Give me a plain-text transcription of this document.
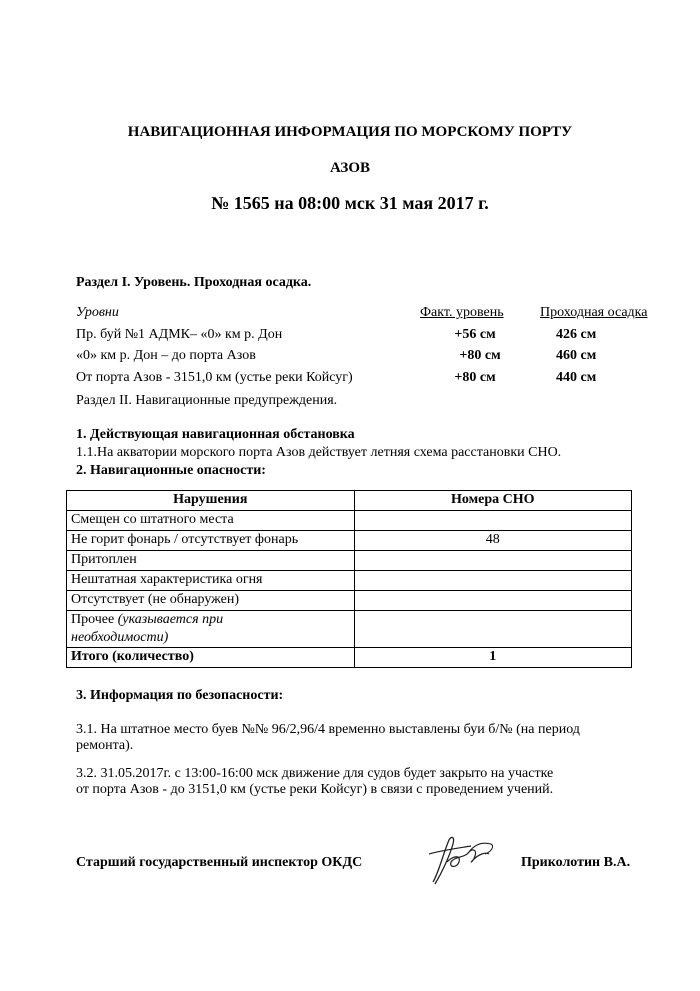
НАВИГАЦИОННАЯ ИНФОРМАЦИЯ ПО МОРСКОМУ ПОРТУ
АЗОВ
№ 1565 на 08:00 мск 31 мая 2017 г.
Раздел I. Уровень. Проходная осадка.
Уровни	Факт. уровень	Проходная осадка
Пр. буй №1 АДМК– «0» км р. Дон	+56 см	426 см
«0» км р. Дон – до порта Азов	+80 см	460 см
От порта Азов - 3151,0 км (устье реки Койсуг)	+80 см	440 см
Раздел II. Навигационные предупреждения.
1. Действующая навигационная обстановка
1.1.На акватории морского порта Азов действует летняя схема расстановки СНО.
2. Навигационные опасности:
Нарушения	Номера СНО
Смещен со штатного места	
Не горит фонарь / отсутствует фонарь	48
Притоплен	
Нештатная характеристика огня	
Отсутствует (не обнаружен)	
Прочее (указывается при
необходимости)	
Итого (количество)	1
3. Информация по безопасности:
3.1. На штатное место буев №№ 96/2,96/4 временно выставлены буи б/№ (на период
ремонта).
3.2. 31.05.2017г. с 13:00-16:00 мск движение для судов будет закрыто на участке
от порта Азов - до 3151,0 км (устье реки Койсуг) в связи с проведением учений.
Старший государственный инспектор ОКДС	Приколотин В.А.
